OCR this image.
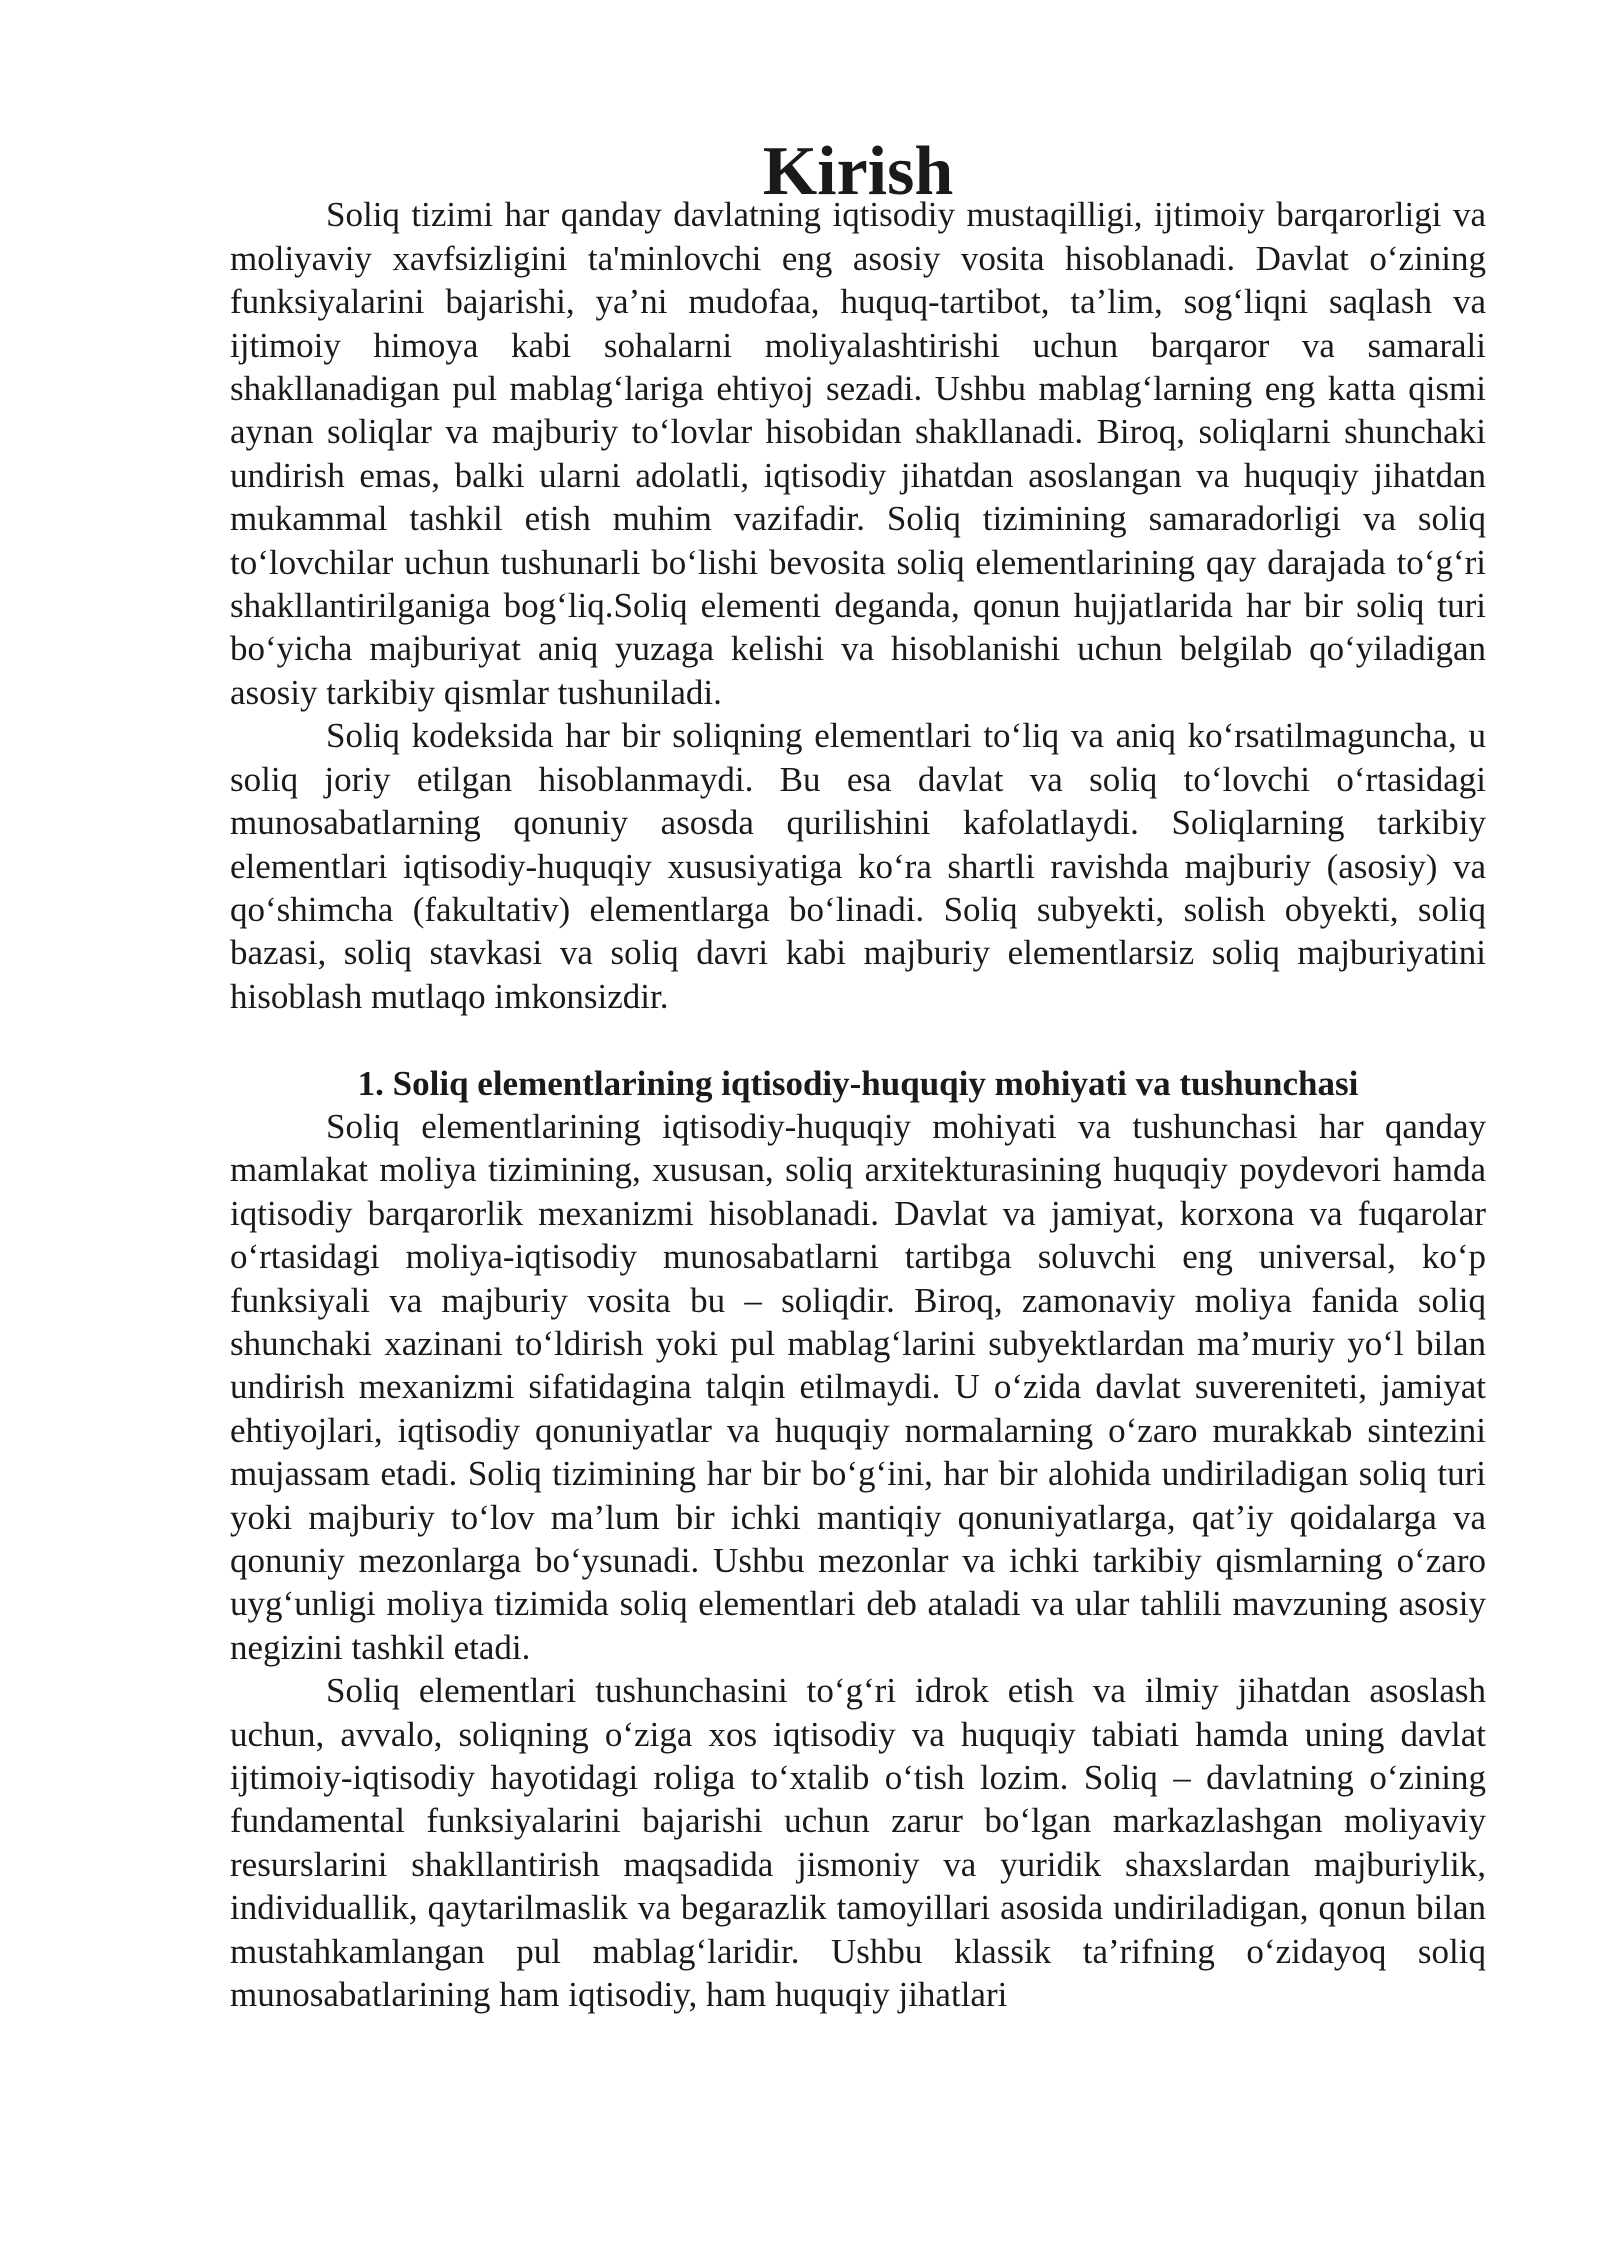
Kirish

Soliq tizimi har qanday davlatning iqtisodiy mustaqilligi, ijtimoiy barqarorligi va moliyaviy xavfsizligini ta'minlovchi eng asosiy vosita hisoblanadi. Davlat o‘zining funksiyalarini bajarishi, ya’ni mudofaa, huquq-tartibot, ta’lim, sog‘liqni saqlash va ijtimoiy himoya kabi sohalarni moliyalashtirishi uchun barqaror va samarali shakllanadigan pul mablag‘lariga ehtiyoj sezadi. Ushbu mablag‘larning eng katta qismi aynan soliqlar va majburiy to‘lovlar hisobidan shakllanadi. Biroq, soliqlarni shunchaki undirish emas, balki ularni adolatli, iqtisodiy jihatdan asoslangan va huquqiy jihatdan mukammal tashkil etish muhim vazifadir. Soliq tizimining samaradorligi va soliq to‘lovchilar uchun tushunarli bo‘lishi bevosita soliq elementlarining qay darajada to‘g‘ri shakllantirilganiga bog‘liq.Soliq elementi deganda, qonun hujjatlarida har bir soliq turi bo‘yicha majburiyat aniq yuzaga kelishi va hisoblanishi uchun belgilab qo‘yiladigan asosiy tarkibiy qismlar tushuniladi.

Soliq kodeksida har bir soliqning elementlari to‘liq va aniq ko‘rsatilmaguncha, u soliq joriy etilgan hisoblanmaydi. Bu esa davlat va soliq to‘lovchi o‘rtasidagi munosabatlarning qonuniy asosda qurilishini kafolatlaydi. Soliqlarning tarkibiy elementlari iqtisodiy-huquqiy xususiyatiga ko‘ra shartli ravishda majburiy (asosiy) va qo‘shimcha (fakultativ) elementlarga bo‘linadi. Soliq subyekti, solish obyekti, soliq bazasi, soliq stavkasi va soliq davri kabi majburiy elementlarsiz soliq majburiyatini hisoblash mutlaqo imkonsizdir.

1. Soliq elementlarining iqtisodiy-huquqiy mohiyati va tushunchasi

Soliq elementlarining iqtisodiy-huquqiy mohiyati va tushunchasi har qanday mamlakat moliya tizimining, xususan, soliq arxitekturasining huquqiy poydevori hamda iqtisodiy barqarorlik mexanizmi hisoblanadi. Davlat va jamiyat, korxona va fuqarolar o‘rtasidagi moliya-iqtisodiy munosabatlarni tartibga soluvchi eng universal, ko‘p funksiyali va majburiy vosita bu – soliqdir. Biroq, zamonaviy moliya fanida soliq shunchaki xazinani to‘ldirish yoki pul mablag‘larini subyektlardan ma’muriy yo‘l bilan undirish mexanizmi sifatidagina talqin etilmaydi. U o‘zida davlat suvereniteti, jamiyat ehtiyojlari, iqtisodiy qonuniyatlar va huquqiy normalarning o‘zaro murakkab sintezini mujassam etadi. Soliq tizimining har bir bo‘g‘ini, har bir alohida undiriladigan soliq turi yoki majburiy to‘lov ma’lum bir ichki mantiqiy qonuniyatlarga, qat’iy qoidalarga va qonuniy mezonlarga bo‘ysunadi. Ushbu mezonlar va ichki tarkibiy qismlarning o‘zaro uyg‘unligi moliya tizimida soliq elementlari deb ataladi va ular tahlili mavzuning asosiy negizini tashkil etadi.

Soliq elementlari tushunchasini to‘g‘ri idrok etish va ilmiy jihatdan asoslash uchun, avvalo, soliqning o‘ziga xos iqtisodiy va huquqiy tabiati hamda uning davlat ijtimoiy-iqtisodiy hayotidagi roliga to‘xtalib o‘tish lozim. Soliq – davlatning o‘zining fundamental funksiyalarini bajarishi uchun zarur bo‘lgan markazlashgan moliyaviy resurslarini shakllantirish maqsadida jismoniy va yuridik shaxslardan majburiylik, individuallik, qaytarilmaslik va begarazlik tamoyillari asosida undiriladigan, qonun bilan mustahkamlangan pul mablag‘laridir. Ushbu klassik ta’rifning o‘zidayoq soliq munosabatlarining ham iqtisodiy, ham huquqiy jihatlari
